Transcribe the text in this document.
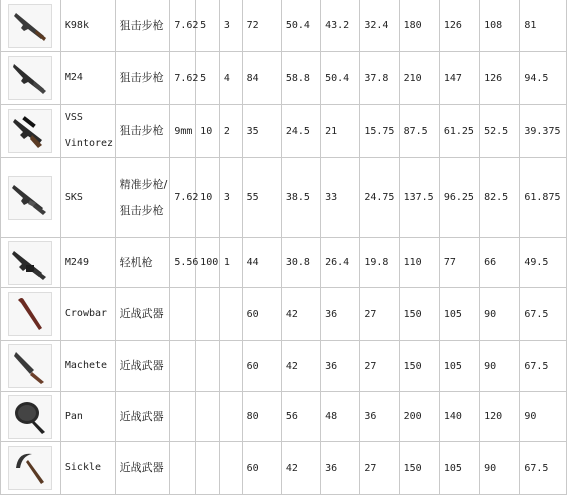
	K98k	狙击步枪	7.62	5	3	72	50.4	43.2	32.4	180	126	108	81

	M24	狙击步枪	7.62	5	4	84	58.8	50.4	37.8	210	147	126	94.5

	VSS Vintorez	狙击步枪	9mm	10	2	35	24.5	21	15.75	87.5	61.25	52.5	39.375

	SKS	精准步枪/狙击步枪	7.62	10	3	55	38.5	33	24.75	137.5	96.25	82.5	61.875

	M249	轻机枪	5.56	100	1	44	30.8	26.4	19.8	110	77	66	49.5

	Crowbar	近战武器				60	42	36	27	150	105	90	67.5

	Machete	近战武器				60	42	36	27	150	105	90	67.5

	Pan	近战武器				80	56	48	36	200	140	120	90

	Sickle	近战武器				60	42	36	27	150	105	90	67.5
